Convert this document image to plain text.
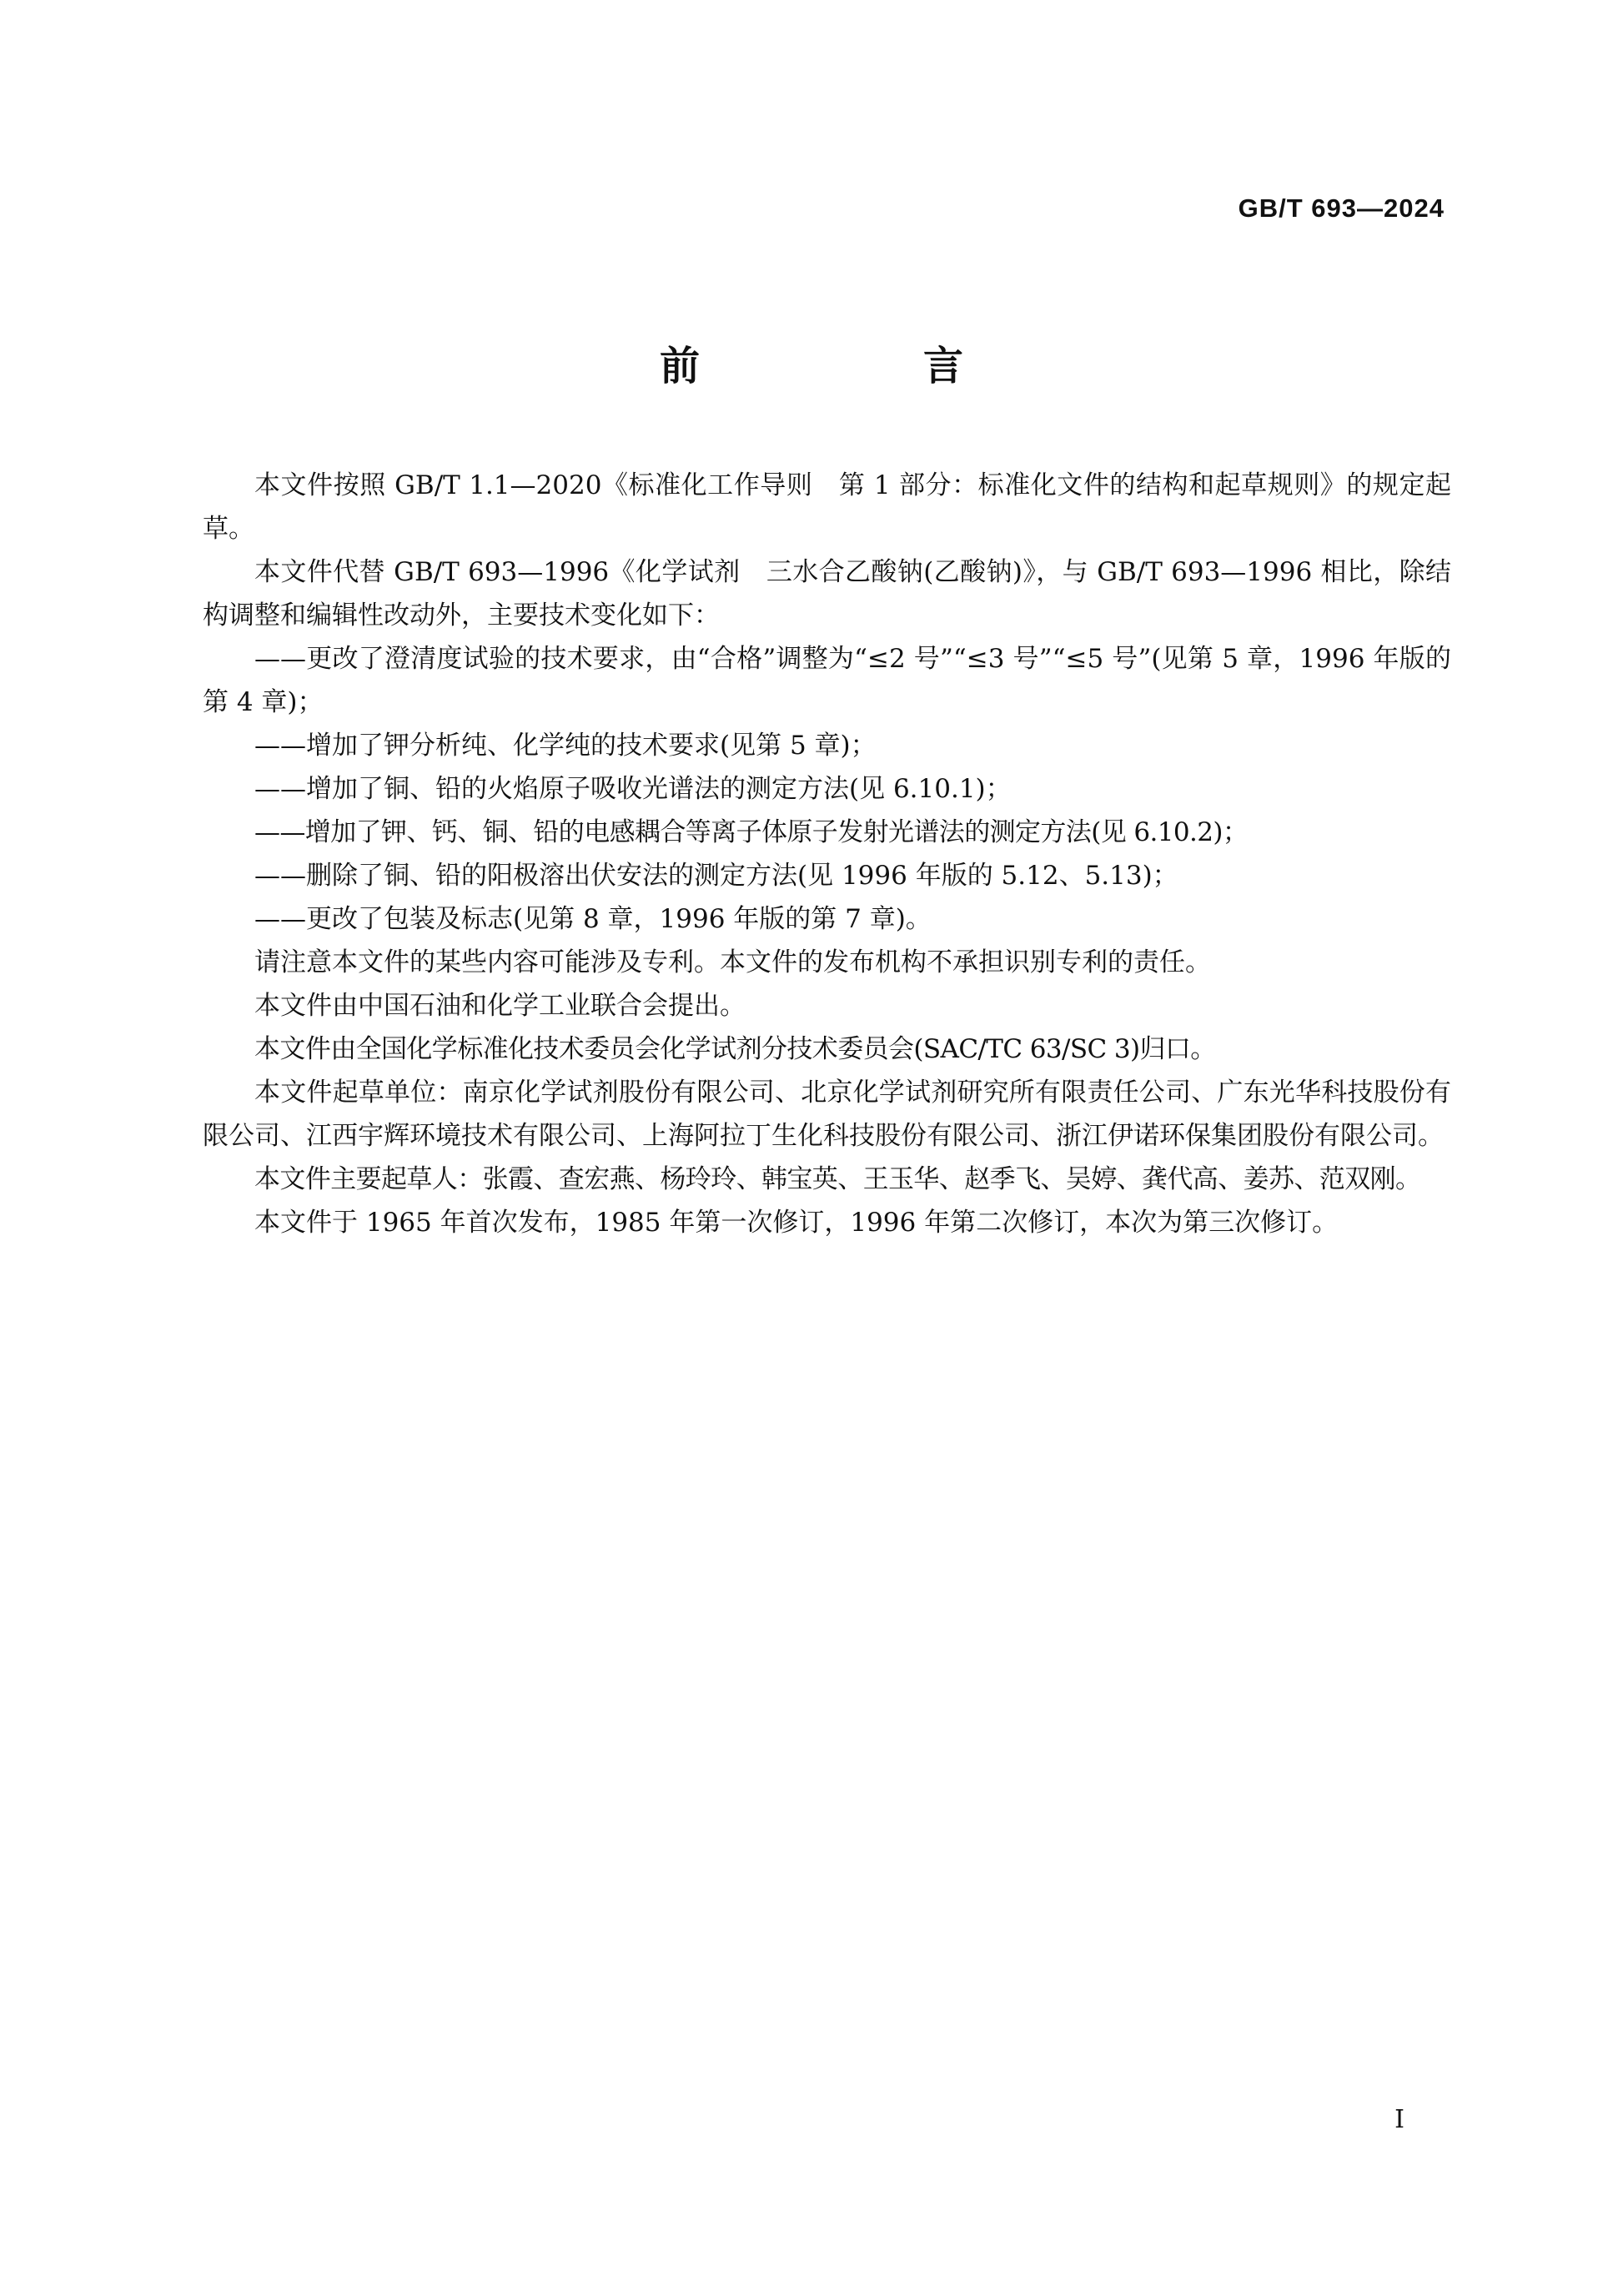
GB/T 693—2024
前　言

本文件按照 GB/T 1.1—2020《标准化工作导则　第 1 部分：标准化文件的结构和起草规则》的规定起草。

本文件代替 GB/T 693—1996《化学试剂　三水合乙酸钠(乙酸钠)》，与 GB/T 693—1996 相比，除结构调整和编辑性改动外，主要技术变化如下：

——更改了澄清度试验的技术要求，由“合格”调整为“≤2 号”“≤3 号”“≤5 号”(见第 5 章，1996 年版的第 4 章)；

——增加了钾分析纯、化学纯的技术要求(见第 5 章)；

——增加了铜、铅的火焰原子吸收光谱法的测定方法(见 6.10.1)；

——增加了钾、钙、铜、铅的电感耦合等离子体原子发射光谱法的测定方法(见 6.10.2)；

——删除了铜、铅的阳极溶出伏安法的测定方法(见 1996 年版的 5.12、5.13)；

——更改了包装及标志(见第 8 章，1996 年版的第 7 章)。

请注意本文件的某些内容可能涉及专利。本文件的发布机构不承担识别专利的责任。

本文件由中国石油和化学工业联合会提出。

本文件由全国化学标准化技术委员会化学试剂分技术委员会(SAC/TC 63/SC 3)归口。

本文件起草单位：南京化学试剂股份有限公司、北京化学试剂研究所有限责任公司、广东光华科技股份有限公司、江西宇辉环境技术有限公司、上海阿拉丁生化科技股份有限公司、浙江伊诺环保集团股份有限公司。

本文件主要起草人：张霞、查宏燕、杨玲玲、韩宝英、王玉华、赵季飞、吴婷、龚代高、姜苏、范双刚。

本文件于 1965 年首次发布，1985 年第一次修订，1996 年第二次修订，本次为第三次修订。

I
